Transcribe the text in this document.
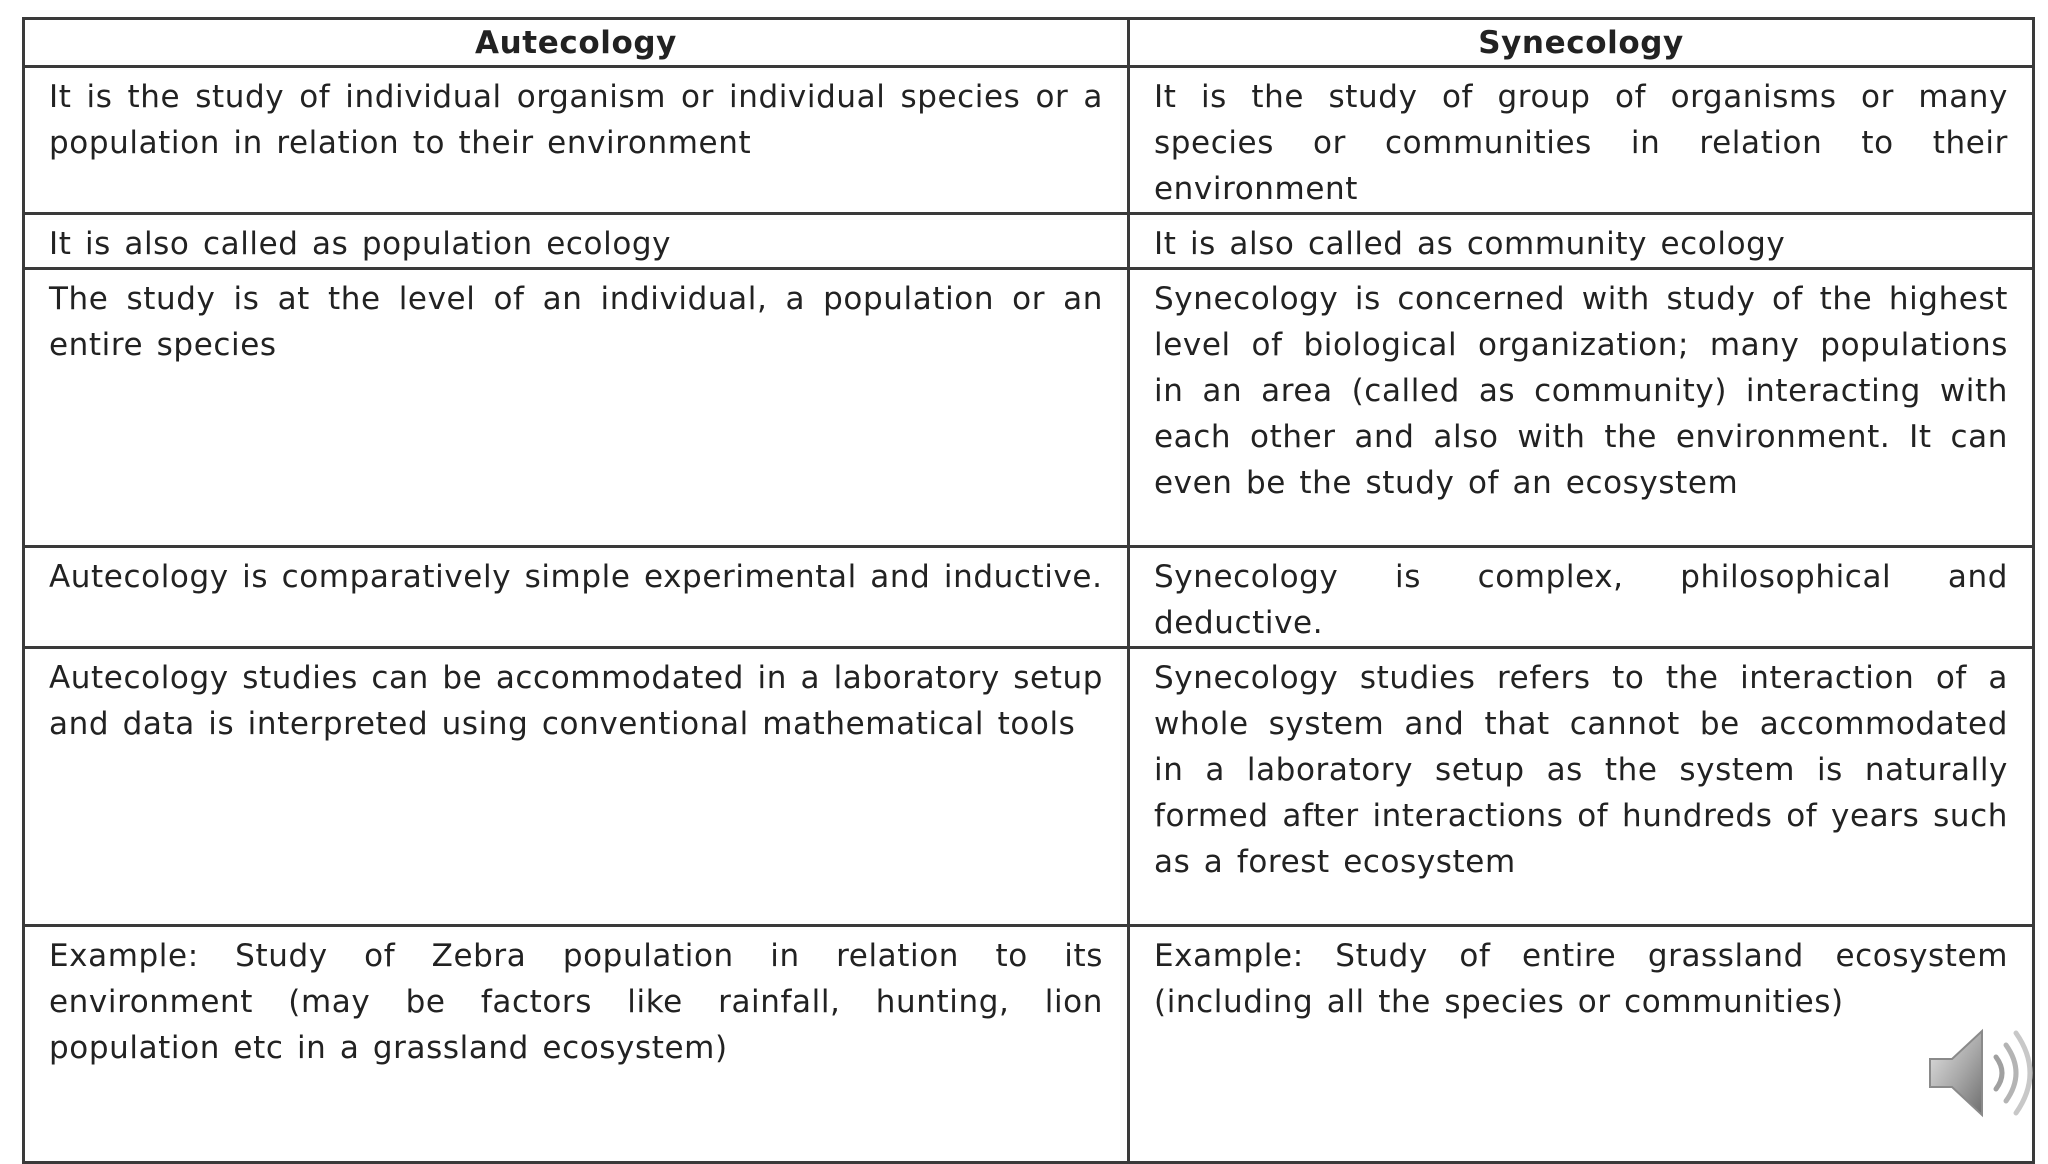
Autecology	Synecology
It is the study of individual organism or individual species or a population in relation to their environment	It is the study of group of organisms or many species or communities in relation to their environment
It is also called as population ecology	It is also called as community ecology
The study is at the level of an individual, a population or an entire species	Synecology is concerned with study of the highest level of biological organization; many populations in an area (called as community) interacting with each other and also with the environment. It can even be the study of an ecosystem
Autecology is comparatively simple experimental and inductive.	Synecology is complex, philosophical and deductive.
Autecology studies can be accommodated in a laboratory setup and data is interpreted using conventional mathematical tools	Synecology studies refers to the interaction of a whole system and that cannot be accommodated in a laboratory setup as the system is naturally formed after interactions of hundreds of years such as a forest ecosystem
Example: Study of Zebra population in relation to its environment (may be factors like rainfall, hunting, lion population etc in a grassland ecosystem)	Example: Study of entire grassland ecosystem (including all the species or communities)
